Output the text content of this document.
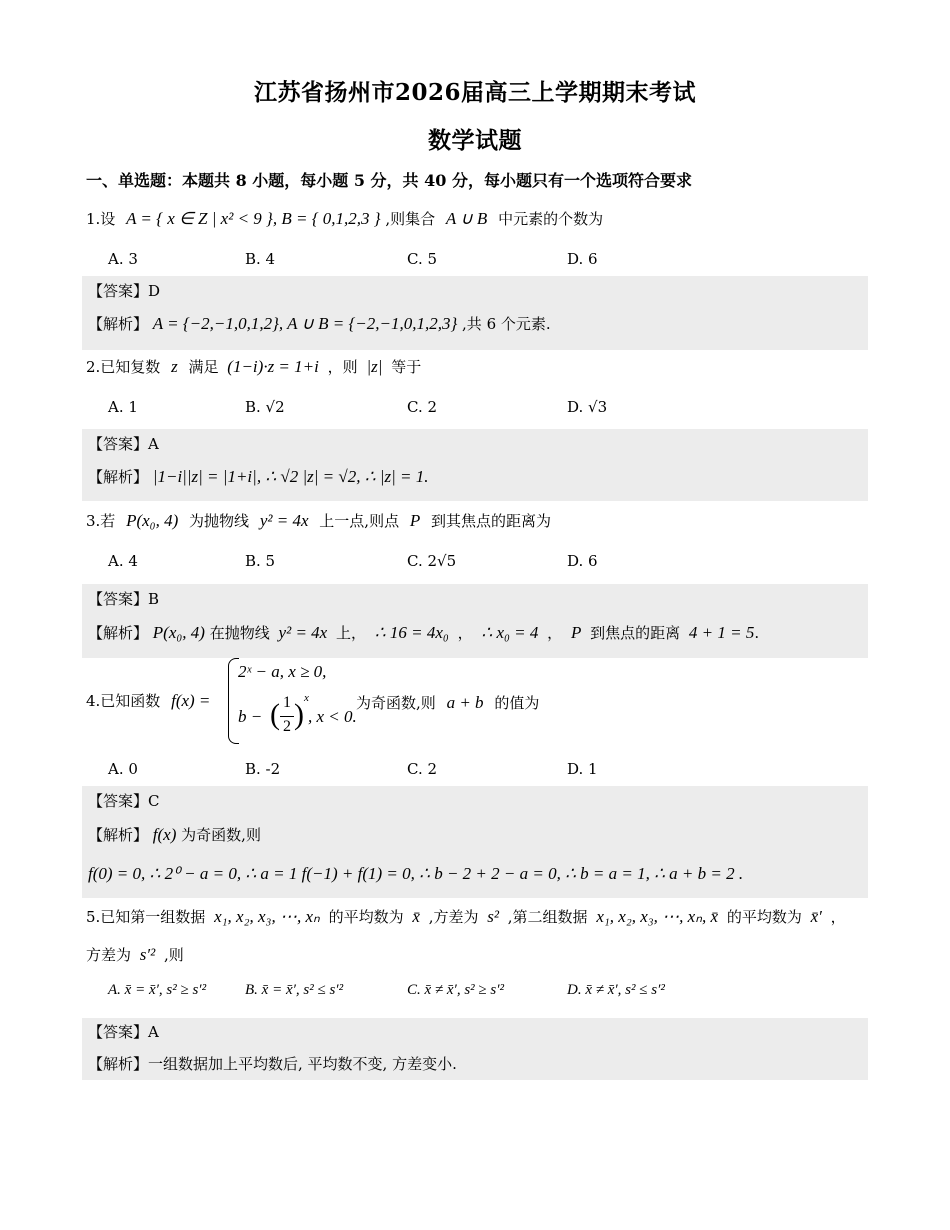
江苏省扬州市2026届高三上学期期末考试
数学试题
一、单选题：本题共 8 小题，每小题 5 分，共 40 分，每小题只有一个选项符合要求
1.设 A = { x ∈ Z | x² < 9 }, B = { 0,1,2,3 } ,则集合 A ∪ B 中元素的个数为
A. 3	B. 4	C. 5	D. 6
【答案】D
【解析】 A = {−2,−1,0,1,2}, A ∪ B = {−2,−1,0,1,2,3} ,共 6 个元素.
2.已知复数 z 满足 (1−i)·z = 1+i ，则 |z| 等于
A. 1	B. √2	C. 2	D. √3
【答案】A
【解析】 |1−i||z| = |1+i|, ∴ √2 |z| = √2, ∴ |z| = 1.
3.若 P(x₀, 4) 为抛物线 y² = 4x 上一点,则点 P 到其焦点的距离为
A. 4	B. 5	C. 2√5	D. 6
【答案】B
【解析】 P(x₀, 4) 在抛物线 y² = 4x 上， ∴ 16 = 4x₀ ， ∴ x₀ = 4 ， P 到焦点的距离 4 + 1 = 5.
4.已知函数 f(x) =
2ˣ − a, x ≥ 0,
b − ( 1
2 ) x
, x < 0.
为奇函数,则 a + b 的值为
A. 0	B. -2	C. 2	D. 1
【答案】C
【解析】 f(x) 为奇函数,则
f(0) = 0, ∴ 2⁰ − a = 0, ∴ a = 1 f(−1) + f(1) = 0, ∴ b − 2 + 2 − a = 0, ∴ b = a = 1, ∴ a + b = 2 .
5.已知第一组数据 x₁, x₂, x₃, ⋯, xₙ 的平均数为 x̄ ,方差为 s² ,第二组数据 x₁, x₂, x₃, ⋯, xₙ, x̄ 的平均数为 x̄′ ，
方差为 s′² ,则
A. x̄ = x̄′, s² ≥ s′²	B. x̄ = x̄′, s² ≤ s′²	C. x̄ ≠ x̄′, s² ≥ s′²	D. x̄ ≠ x̄′, s² ≤ s′²
【答案】A
【解析】一组数据加上平均数后, 平均数不变, 方差变小.
